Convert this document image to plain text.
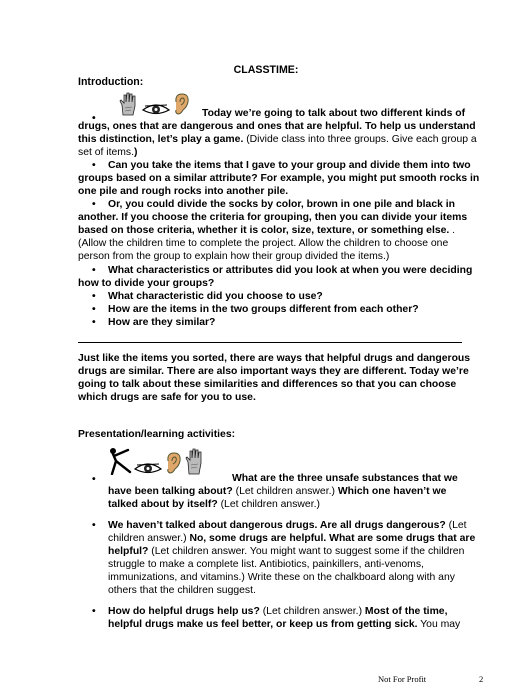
CLASSTIME:
Introduction:
•	Today we’re going to talk about two different kinds of
drugs, ones that are dangerous and ones that are helpful. To help us understand
this distinction, let’s play a game. (Divide class into three groups. Give each group a
set of items.)
• Can you take the items that I gave to your group and divide them into two
groups based on a similar attribute? For example, you might put smooth rocks in
one pile and rough rocks into another pile.
• Or, you could divide the socks by color, brown in one pile and black in
another. If you choose the criteria for grouping, then you can divide your items
based on those criteria, whether it is color, size, texture, or something else. .
(Allow the children time to complete the project. Allow the children to choose one
person from the group to explain how their group divided the items.)
• What characteristics or attributes did you look at when you were deciding
how to divide your groups?
• What characteristic did you choose to use?
• How are the items in the two groups different from each other?
• How are they similar?
Just like the items you sorted, there are ways that helpful drugs and dangerous
drugs are similar. There are also important ways they are different. Today we’re
going to talk about these similarities and differences so that you can choose
which drugs are safe for you to use.
Presentation/learning activities:
•	What are the three unsafe substances that we
have been talking about? (Let children answer.) Which one haven’t we
talked about by itself? (Let children answer.)
• We haven’t talked about dangerous drugs. Are all drugs dangerous? (Let
children answer.) No, some drugs are helpful. What are some drugs that are
helpful? (Let children answer. You might want to suggest some if the children
struggle to make a complete list. Antibiotics, painkillers, anti-venoms,
immunizations, and vitamins.) Write these on the chalkboard along with any
others that the children suggest.
• How do helpful drugs help us? (Let children answer.) Most of the time,
helpful drugs make us feel better, or keep us from getting sick. You may
Not For Profit	2
